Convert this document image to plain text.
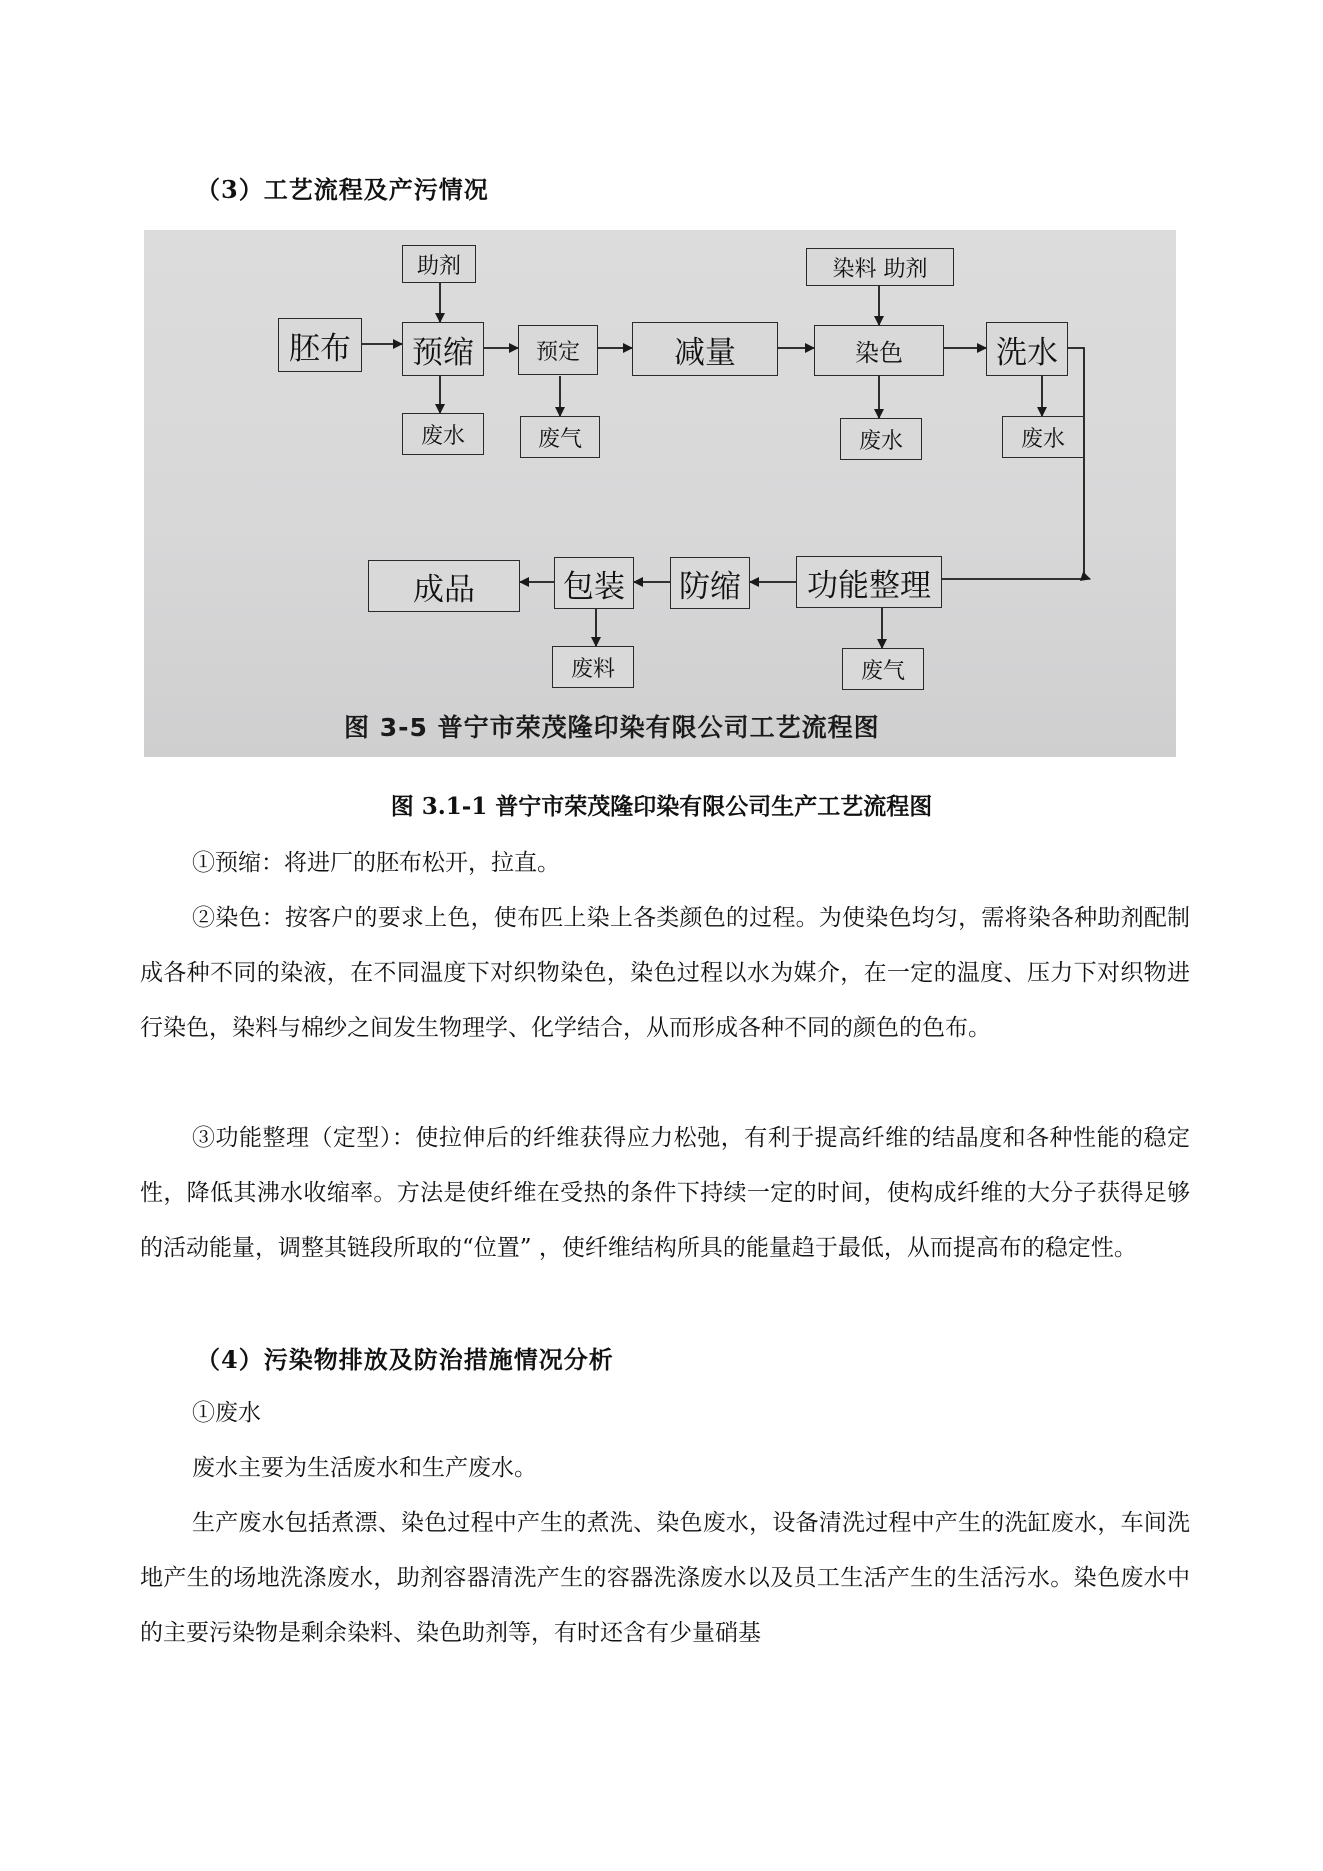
（3）工艺流程及产污情况
助剂	染料 助剂
胚布	预缩	预定	减量	染色	洗水
废水	废气	废水	废水
成品	包装 防缩	功能整理
废料	废气
图 3-5 普宁市荣茂隆印染有限公司工艺流程图
图 3.1-1 普宁市荣茂隆印染有限公司生产工艺流程图

①预缩：将进厂的胚布松开，拉直。

②染色：按客户的要求上色，使布匹上染上各类颜色的过程。为使染色均匀，需将染各种助剂配制成各种不同的染液，在不同温度下对织物染色，染色过程以水为媒介，在一定的温度、压力下对织物进行染色，染料与棉纱之间发生物理学、化学结合，从而形成各种不同的颜色的色布。

③功能整理（定型）：使拉伸后的纤维获得应力松弛，有利于提高纤维的结晶度和各种性能的稳定性，降低其沸水收缩率。方法是使纤维在受热的条件下持续一定的时间，使构成纤维的大分子获得足够的活动能量，调整其链段所取的“位置” ，使纤维结构所具的能量趋于最低，从而提高布的稳定性。

（4）污染物排放及防治措施情况分析

①废水

废水主要为生活废水和生产废水。

生产废水包括煮漂、染色过程中产生的煮洗、染色废水，设备清洗过程中产生的洗缸废水，车间洗地产生的场地洗涤废水，助剂容器清洗产生的容器洗涤废水以及员工生活产生的生活污水。染色废水中的主要污染物是剩余染料、染色助剂等，有时还含有少量硝基
